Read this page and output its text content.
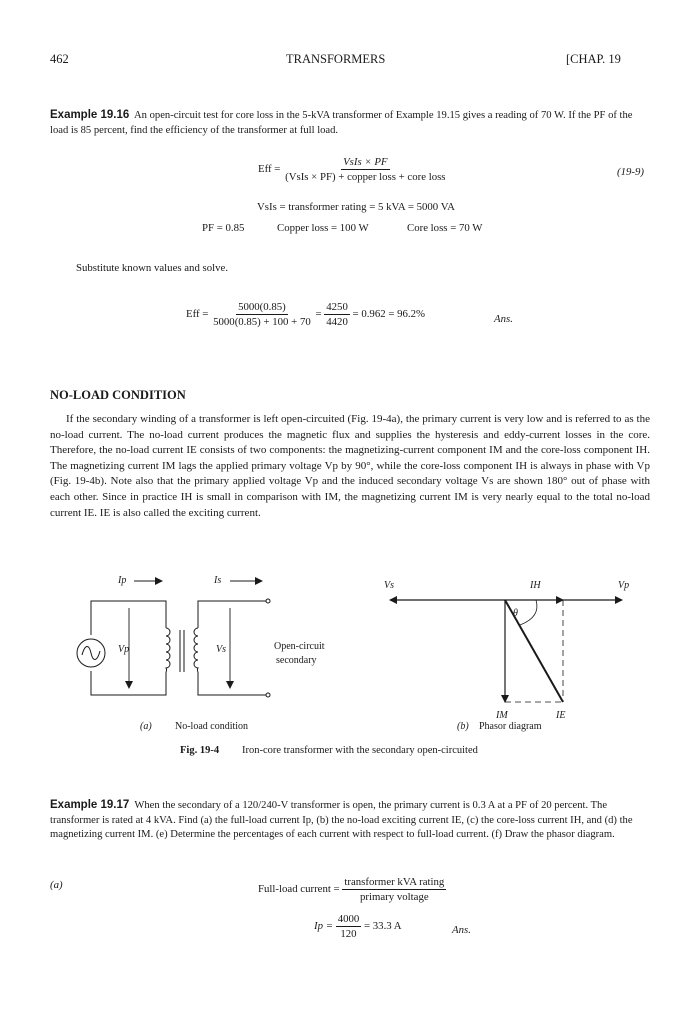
462	TRANSFORMERS	[CHAP. 19
Example 19.16 An open-circuit test for core loss in the 5-kVA transformer of Example 19.15 gives a reading of 70 W. If the PF of the load is 85 percent, find the efficiency of the transformer at full load.
Eff = $\frac{\text{VsIs × PF}}{\text{(VsIs × PF) + copper loss + core loss}}$	(19-9)
VsIs = transformer rating = 5 kVA = 5000 VA
PF = 0.85	Copper loss = 100 W	Core loss = 70 W
Substitute known values and solve.
Eff = $\frac{5000(0.85)}{5000(0.85) + 100 + 70} = \frac{4250}{4420} = 0.962 = 96.2\%$	Ans.
NO-LOAD CONDITION
If the secondary winding of a transformer is left open-circuited (Fig. 19-4a), the primary current is very low and is referred to as the no-load current. The no-load current produces the magnetic flux and supplies the hysteresis and eddy-current losses in the core. Therefore, the no-load current IE consists of two components: the magnetizing-current component IM and the core-loss component IH. The magnetizing current IM lags the applied primary voltage Vp by 90°, while the core-loss component IH is always in phase with Vp (Fig. 19-4b). Note also that the primary applied voltage Vp and the induced secondary voltage Vs are shown 180° out of phase with each other. Since in practice IH is small in comparison with IM, the magnetizing current IM is very nearly equal to the total no-load current IE. IE is also called the exciting current.
Ip	Is
Vp	Vs	Open-circuit
secondary
(a) No-load condition
Vs	IH	Vp
θ
IM	IE
(b) Phasor diagram
Fig. 19-4 Iron-core transformer with the secondary open-circuited
Example 19.17 When the secondary of a 120/240-V transformer is open, the primary current is 0.3 A at a PF of 20 percent. The transformer is rated at 4 kVA. Find (a) the full-load current Ip, (b) the no-load exciting current IE, (c) the core-loss current IH, and (d) the magnetizing current IM. (e) Determine the percentages of each current with respect to full-load current. (f) Draw the phasor diagram.
(a)	Full-load current = $\frac{\text{transformer kVA rating}}{\text{primary voltage}}$
$Ip = \frac{4000}{120} = 33.3$ A	Ans.
